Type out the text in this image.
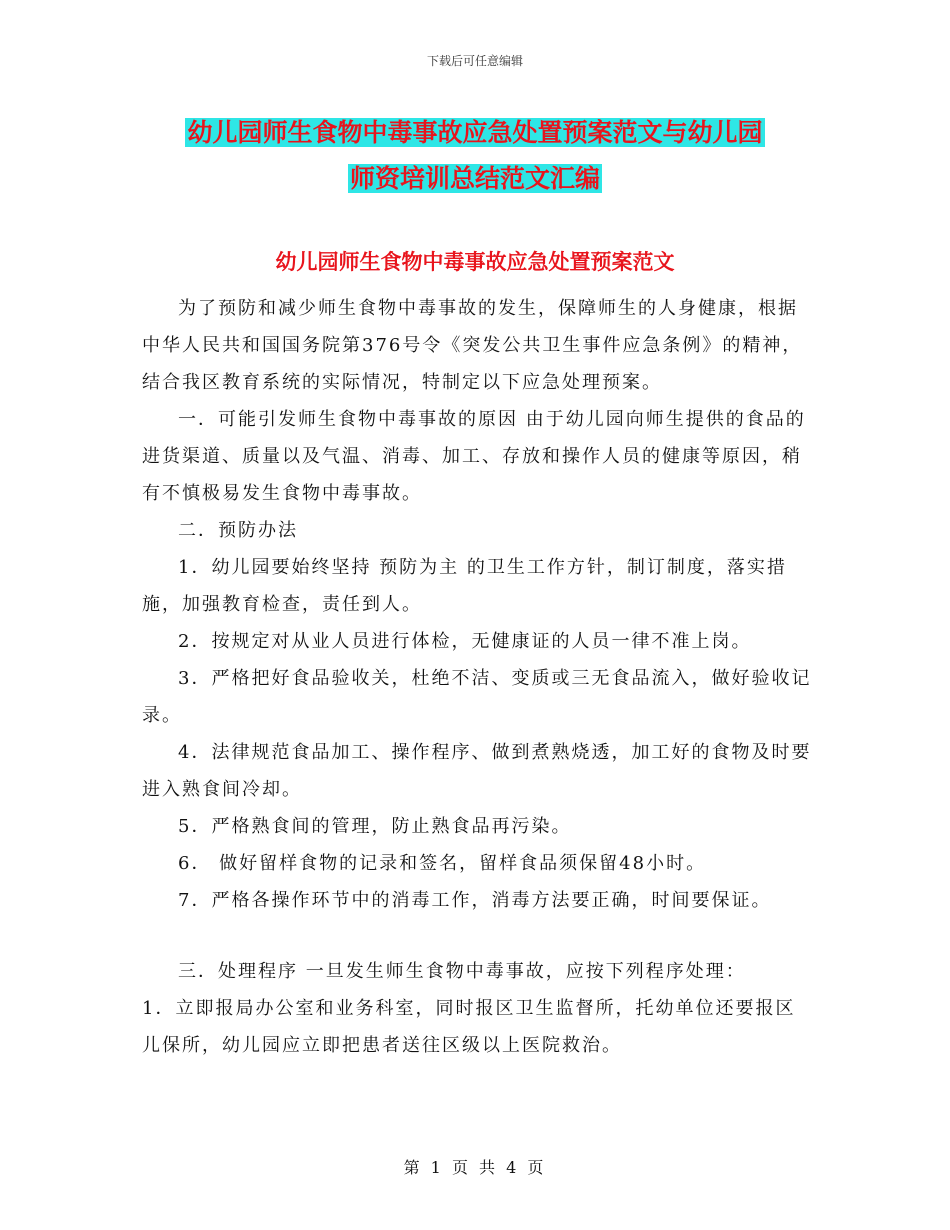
下载后可任意编辑
幼儿园师生食物中毒事故应急处置预案范文与幼儿园
师资培训总结范文汇编
幼儿园师生食物中毒事故应急处置预案范文

为了预防和减少师生食物中毒事故的发生，保障师生的人身健康，根据中华人民共和国国务院第376号令《突发公共卫生事件应急条例》的精神，结合我区教育系统的实际情况，特制定以下应急处理预案。

一．可能引发师生食物中毒事故的原因 由于幼儿园向师生提供的食品的进货渠道、质量以及气温、消毒、加工、存放和操作人员的健康等原因，稍有不慎极易发生食物中毒事故。

二．预防办法

1．幼儿园要始终坚持 预防为主 的卫生工作方针，制订制度，落实措施，加强教育检查，责任到人。

2．按规定对从业人员进行体检，无健康证的人员一律不准上岗。

3．严格把好食品验收关，杜绝不洁、变质或三无食品流入，做好验收记录。

4．法律规范食品加工、操作程序、做到煮熟烧透，加工好的食物及时要进入熟食间冷却。

5．严格熟食间的管理，防止熟食品再污染。

6． 做好留样食物的记录和签名，留样食品须保留48小时。

7．严格各操作环节中的消毒工作，消毒方法要正确，时间要保证。

三．处理程序 一旦发生师生食物中毒事故，应按下列程序处理：

1．立即报局办公室和业务科室，同时报区卫生监督所，托幼单位还要报区儿保所，幼儿园应立即把患者送往区级以上医院救治。

第 1 页 共 4 页
